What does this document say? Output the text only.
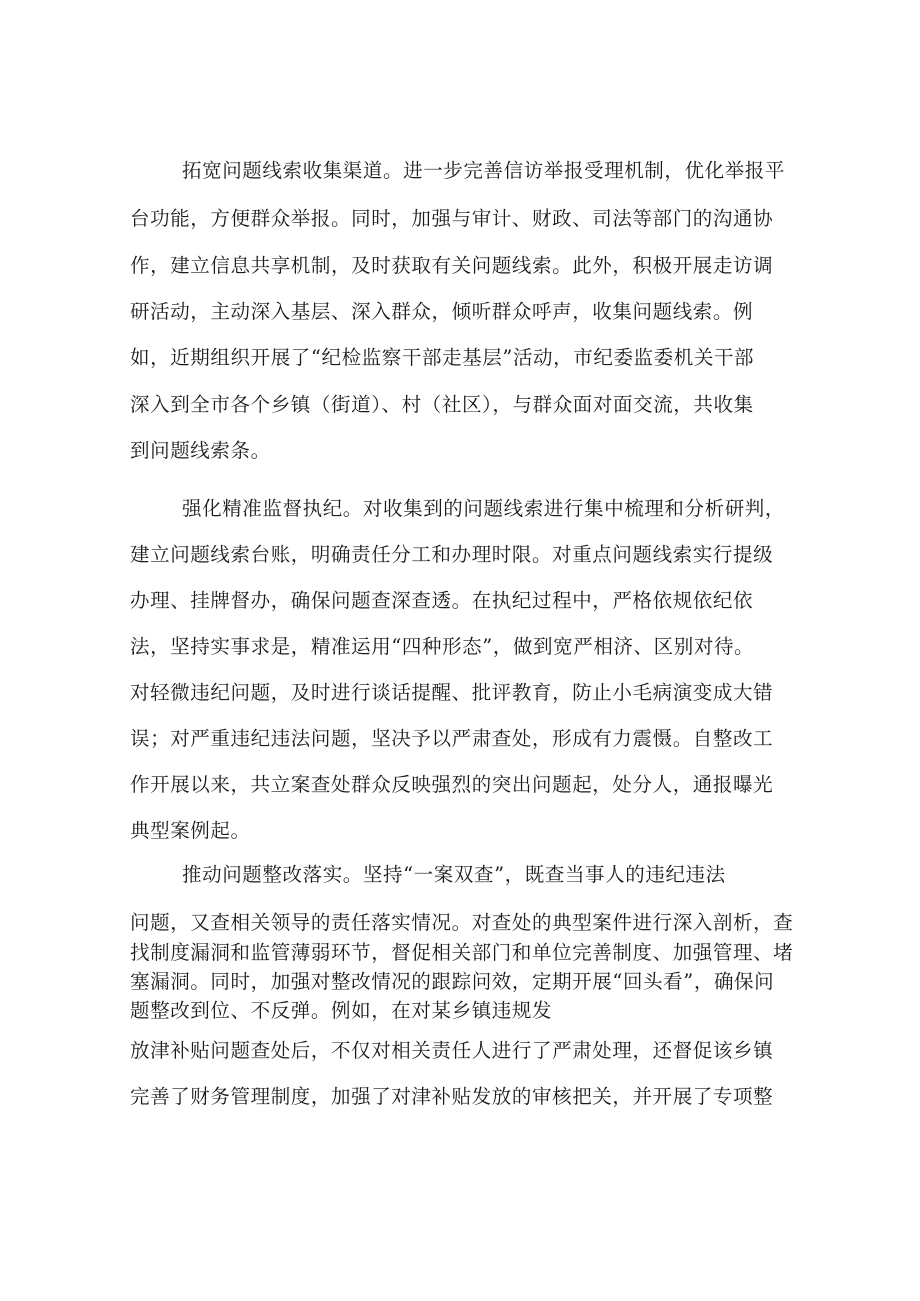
拓宽问题线索收集渠道。进一步完善信访举报受理机制，优化举报平
台功能，方便群众举报。同时，加强与审计、财政、司法等部门的沟通协
作，建立信息共享机制，及时获取有关问题线索。此外，积极开展走访调
研活动，主动深入基层、深入群众，倾听群众呼声，收集问题线索。例
如，近期组织开展了“纪检监察干部走基层”活动，市纪委监委机关干部
深入到全市各个乡镇（街道）、村（社区），与群众面对面交流，共收集
到问题线索条。
强化精准监督执纪。对收集到的问题线索进行集中梳理和分析研判，
建立问题线索台账，明确责任分工和办理时限。对重点问题线索实行提级
办理、挂牌督办，确保问题查深查透。在执纪过程中，严格依规依纪依
法，坚持实事求是，精准运用“四种形态”，做到宽严相济、区别对待。
对轻微违纪问题，及时进行谈话提醒、批评教育，防止小毛病演变成大错
误；对严重违纪违法问题，坚决予以严肃查处，形成有力震慑。自整改工
作开展以来，共立案查处群众反映强烈的突出问题起，处分人，通报曝光
典型案例起。
推动问题整改落实。坚持“一案双查”，既查当事人的违纪违法
问题，又查相关领导的责任落实情况。对查处的典型案件进行深入剖析，查
找制度漏洞和监管薄弱环节，督促相关部门和单位完善制度、加强管理、堵
塞漏洞。同时，加强对整改情况的跟踪问效，定期开展“回头看”，确保问
题整改到位、不反弹。例如，在对某乡镇违规发
放津补贴问题查处后，不仅对相关责任人进行了严肃处理，还督促该乡镇
完善了财务管理制度，加强了对津补贴发放的审核把关，并开展了专项整
